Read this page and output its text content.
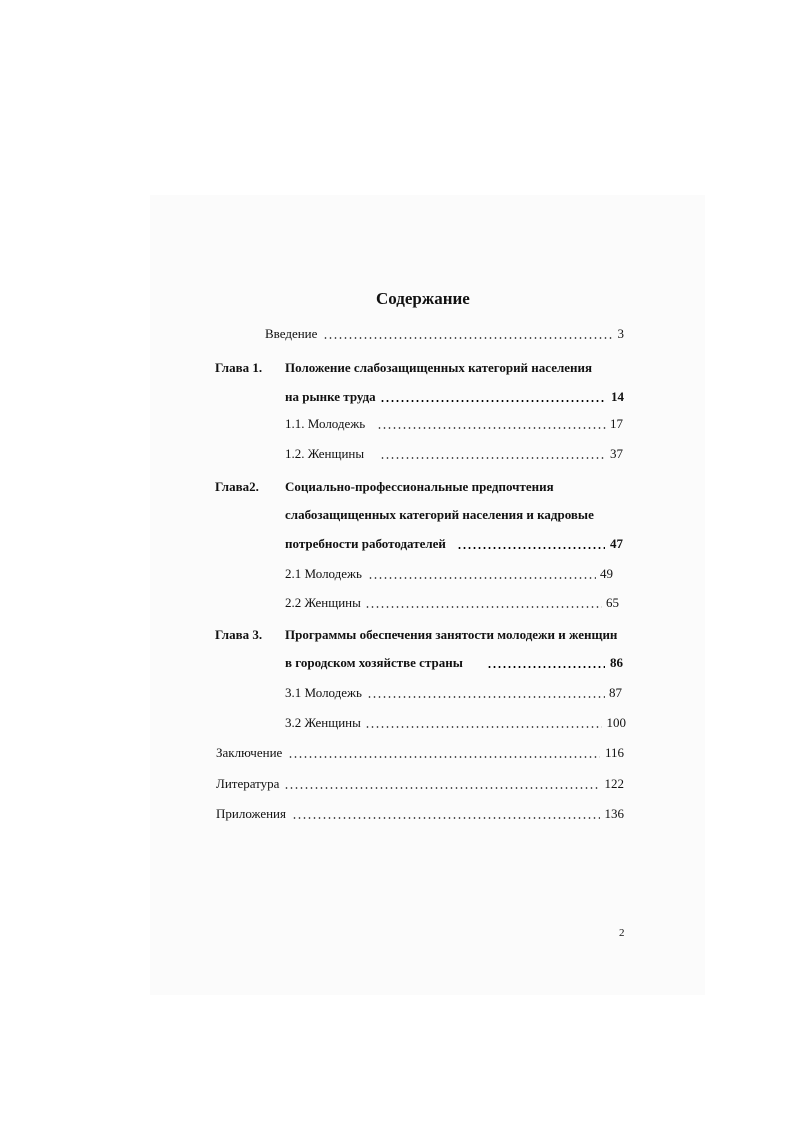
Содержание
Введение	3
Глава 1. Положение слабозащищенных категорий населения
на рынке труда	14
1.1. Молодежь	17
1.2. Женщины	37
Глава2. Социально-профессиональные предпочтения
слабозащищенных категорий населения и кадровые
потребности работодателей	47
2.1 Молодежь	49
2.2 Женщины	65
Глава 3. Программы обеспечения занятости молодежи и женщин
в городском хозяйстве страны	86
3.1 Молодежь	87
3.2 Женщины	100
Заключение	116
Литература	122
Приложения	136
2
